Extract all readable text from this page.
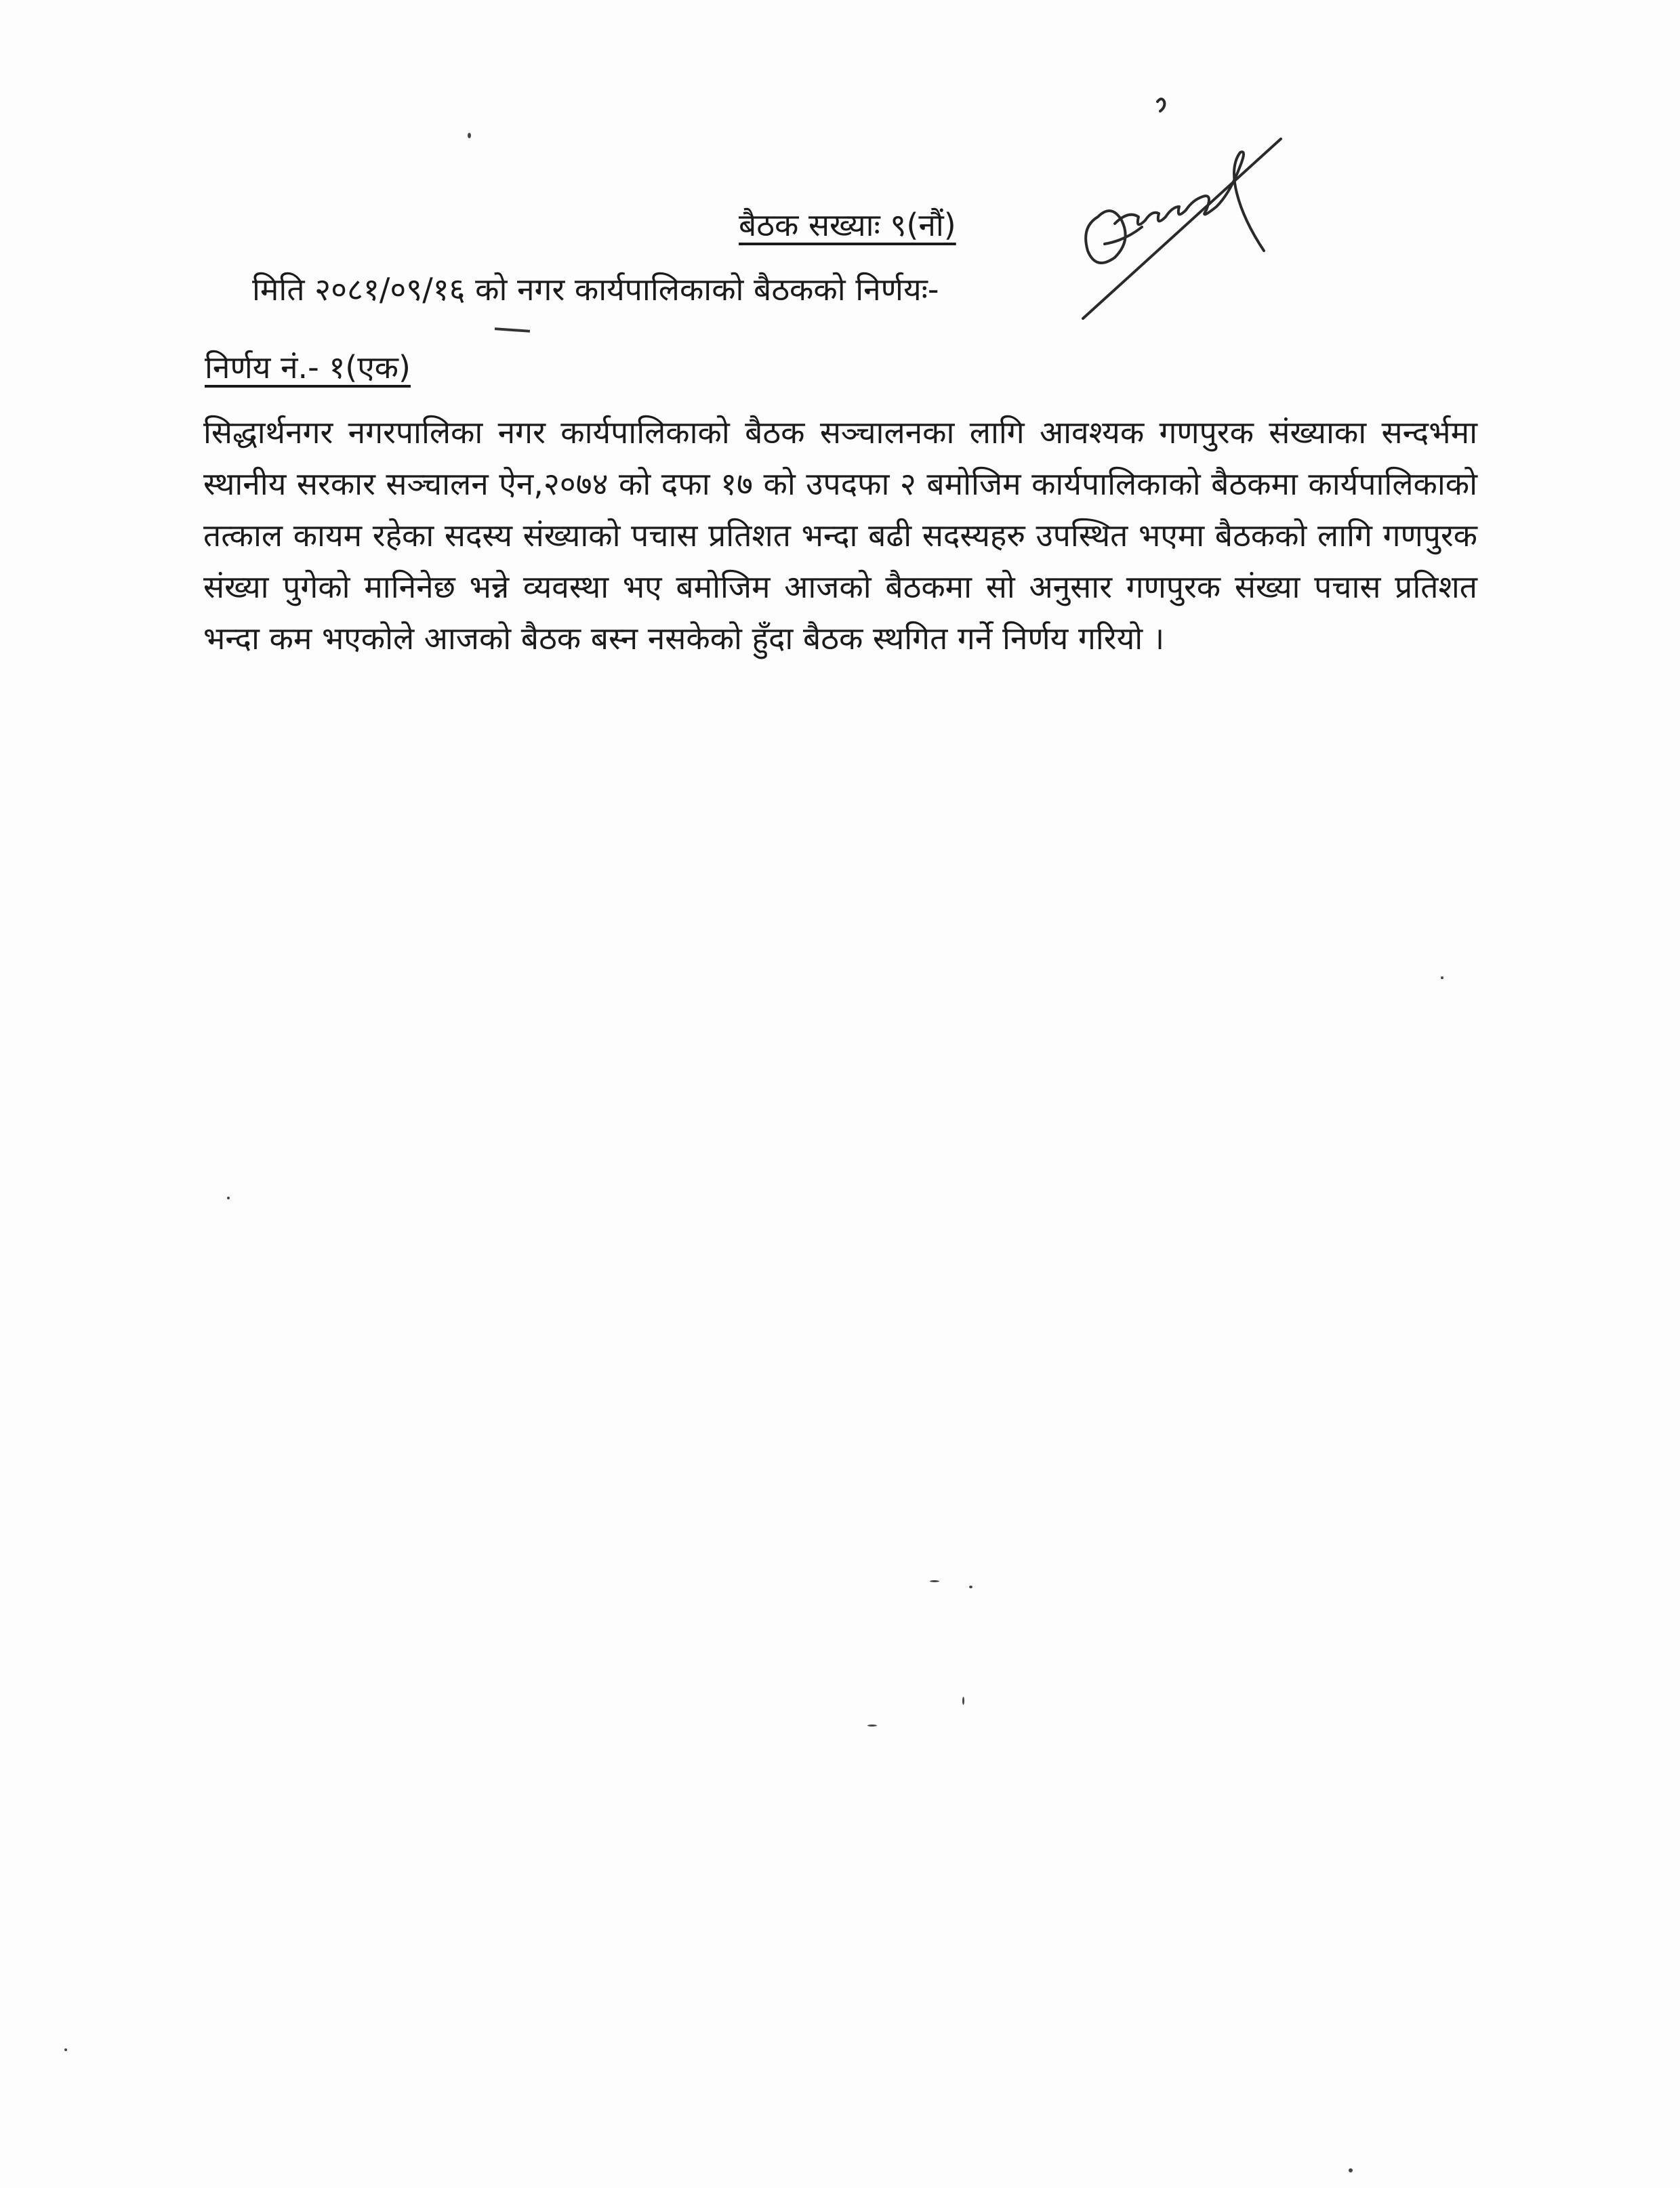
बैठक सख्याः ९(नौं)
मिति २०८१/०९/१६ को नगर कार्यपालिकाको बैठकको निर्णयः-
निर्णय नं.- १(एक)
सिद्धार्थनगर नगरपालिका नगर कार्यपालिकाको बैठक सञ्चालनका लागि आवश्यक गणपुरक संख्याका सन्दर्भमा स्थानीय सरकार सञ्चालन ऐन,२०७४ को दफा १७ को उपदफा २ बमोजिम कार्यपालिकाको बैठकमा कार्यपालिकाको तत्काल कायम रहेका सदस्य संख्याको पचास प्रतिशत भन्दा बढी सदस्यहरु उपस्थित भएमा बैठकको लागि गणपुरक संख्या पुगेको मानिनेछ भन्ने व्यवस्था भए बमोजिम आजको बैठकमा सो अनुसार गणपुरक संख्या पचास प्रतिशत भन्दा कम भएकोले आजको बैठक बस्न नसकेको हुँदा बैठक स्थगित गर्ने निर्णय गरियो ।
